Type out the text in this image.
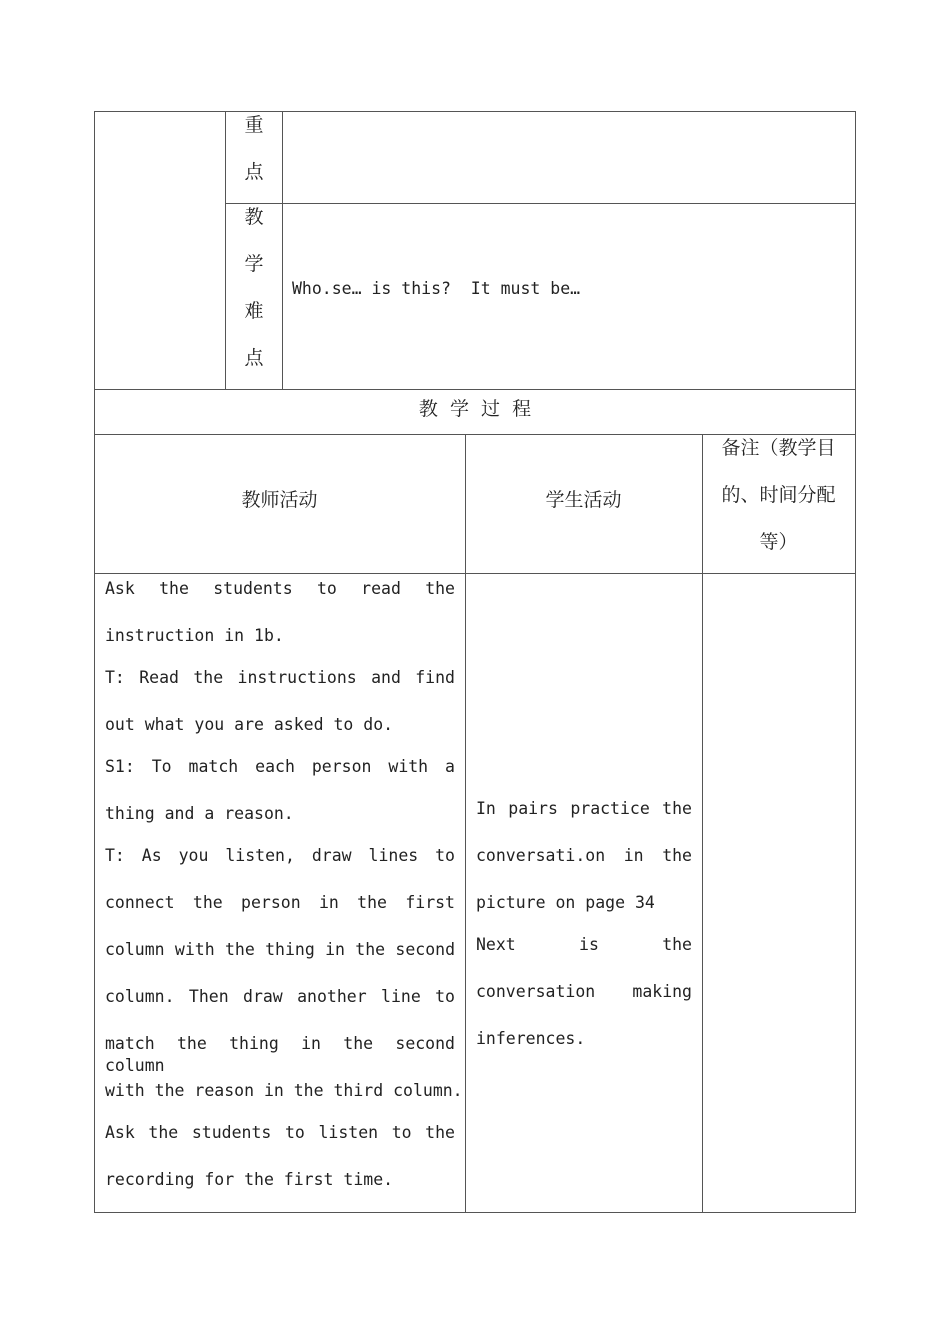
重
点
教
学
难
点
Who.se… is this?  It must be…
教  学  过  程
教师活动	学生活动
备注（教学目
的、时间分配
等）
Ask the students to read the
instruction in 1b.
T: Read the instructions and find
out what you are asked to do.
S1: To match each person with a
thing and a reason.
T: As you listen, draw lines to
connect the person in the first
column with the thing in the second
column. Then draw another line to
match the thing in the second column
with the reason in the third column.
Ask the students to listen to the
recording for the first time.
In pairs practice the
conversati.on in the
picture on page 34
Next is the
conversation making
inferences.
